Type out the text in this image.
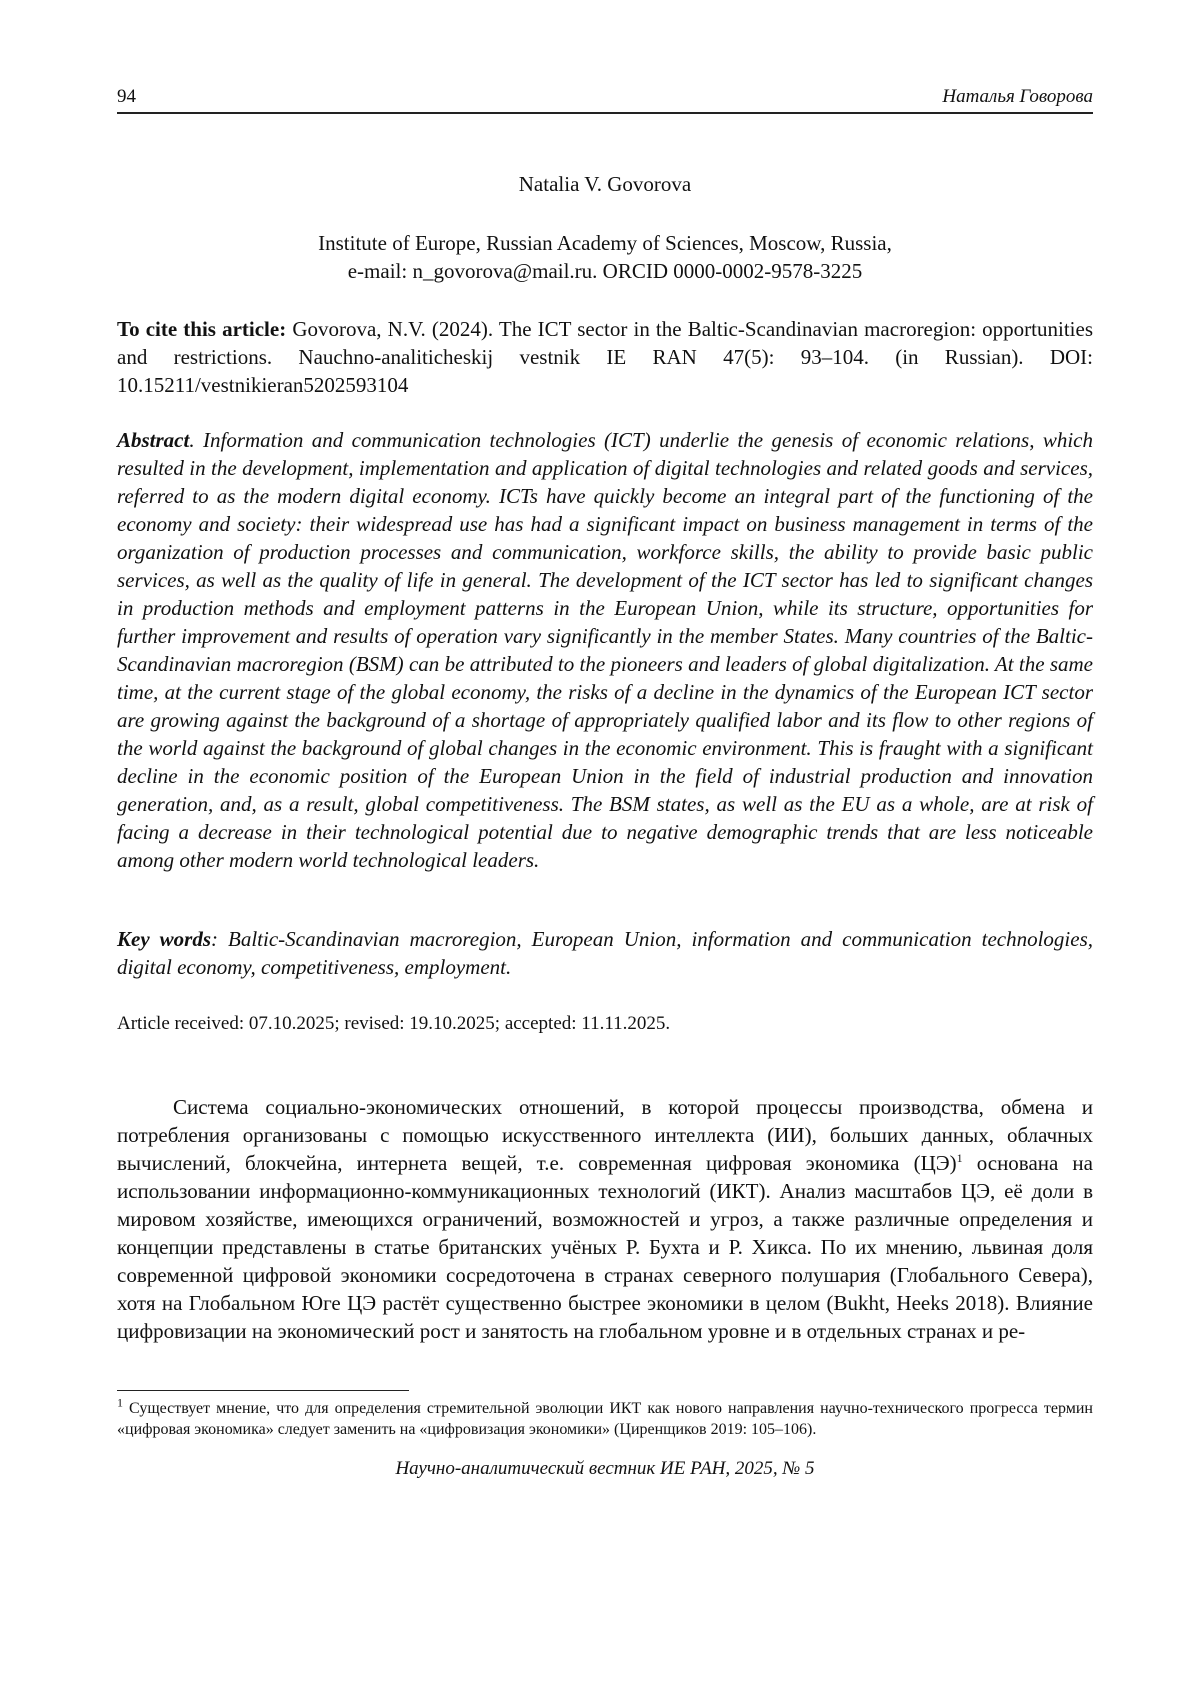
94	Наталья Говорова
Natalia V. Govorova
Institute of Europe, Russian Academy of Sciences, Moscow, Russia,
e-mail: n_govorova@mail.ru. ORCID 0000-0002-9578-3225
To cite this article: Govorova, N.V. (2024). The ICT sector in the Baltic-Scandinavian macroregion: opportunities and restrictions. Nauchno-analiticheskij vestnik IE RAN 47(5): 93–104. (in Russian). DOI: 10.15211/vestnikieran5202593104
Abstract. Information and communication technologies (ICT) underlie the genesis of economic relations, which resulted in the development, implementation and application of digital technologies and related goods and services, referred to as the modern digital economy. ICTs have quickly become an integral part of the functioning of the economy and society: their widespread use has had a significant impact on business management in terms of the organization of production processes and communication, workforce skills, the ability to provide basic public services, as well as the quality of life in general. The development of the ICT sector has led to significant changes in production methods and employment patterns in the European Union, while its structure, opportunities for further improvement and results of operation vary significantly in the member States. Many countries of the Baltic-Scandinavian macroregion (BSM) can be attributed to the pioneers and leaders of global digitalization. At the same time, at the current stage of the global economy, the risks of a decline in the dynamics of the European ICT sector are growing against the background of a shortage of appropriately qualified labor and its flow to other regions of the world against the background of global changes in the economic environment. This is fraught with a significant decline in the economic position of the European Union in the field of industrial production and innovation generation, and, as a result, global competitiveness. The BSM states, as well as the EU as a whole, are at risk of facing a decrease in their technological potential due to negative demographic trends that are less noticeable among other modern world technological leaders.
Key words: Baltic-Scandinavian macroregion, European Union, information and communication technologies, digital economy, competitiveness, employment.
Article received: 07.10.2025; revised: 19.10.2025; accepted: 11.11.2025.

Система социально-экономических отношений, в которой процессы производства, обмена и потребления организованы с помощью искусственного интеллекта (ИИ), больших данных, облачных вычислений, блокчейна, интернета вещей, т.е. современная цифровая экономика (ЦЭ)$^1$ основана на использовании информационно-коммуникационных технологий (ИКТ). Анализ масштабов ЦЭ, её доли в мировом хозяйстве, имеющихся ограничений, возможностей и угроз, а также различные определения и концепции представлены в статье британских учёных Р. Бухта и Р. Хикса. По их мнению, львиная доля современной цифровой экономики сосредоточена в странах северного полушария (Глобального Севера), хотя на Глобальном Юге ЦЭ растёт существенно быстрее экономики в целом (Bukht, Heeks 2018). Влияние цифровизации на экономический рост и занятость на глобальном уровне и в отдельных странах и ре-

$^1$ Существует мнение, что для определения стремительной эволюции ИКТ как нового направления научно-технического прогресса термин «цифровая экономика» следует заменить на «цифровизация экономики» (Циренщиков 2019: 105–106).
Научно-аналитический вестник ИЕ РАН, 2025, № 5
